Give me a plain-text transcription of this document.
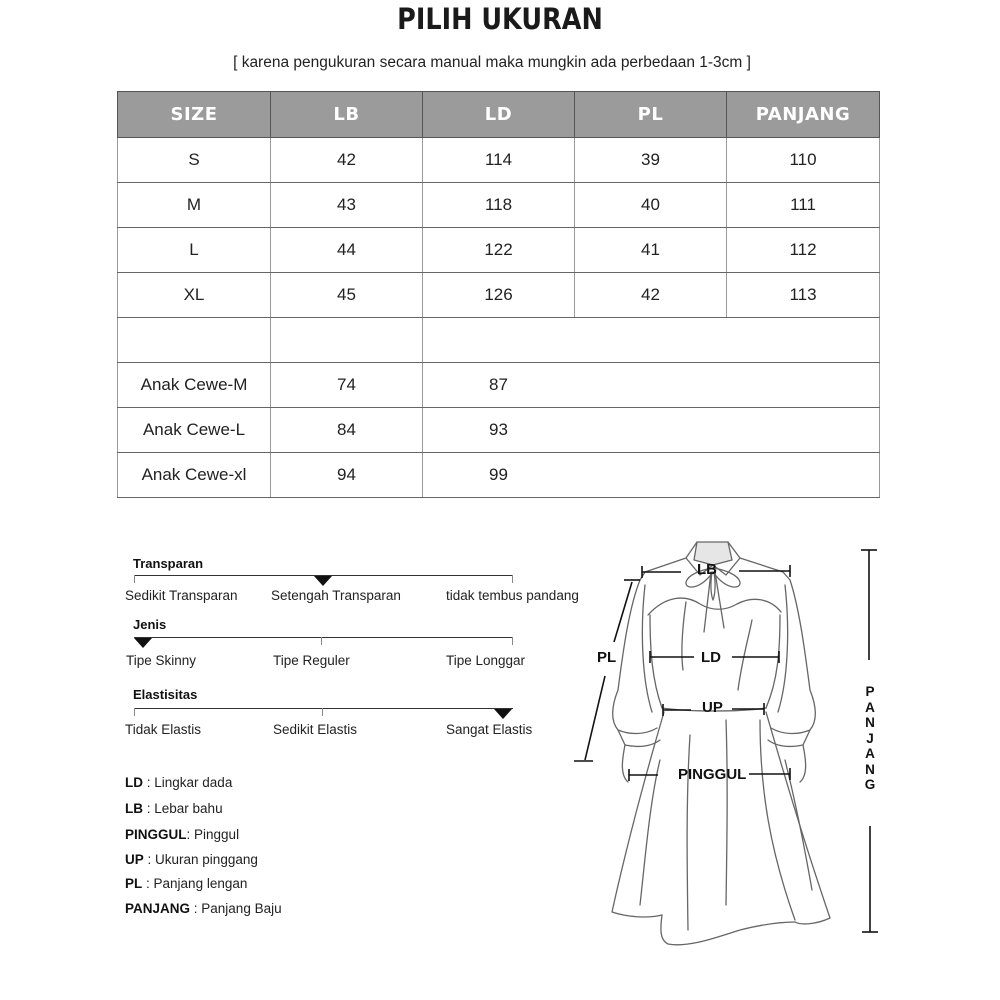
PILIH UKURAN
[ karena pengukuran secara manual maka mungkin ada perbedaan 1-3cm ]
SIZE	LB	LD	PL	PANJANG
S	42	114	39	110
M	43	118	40	111
L	44	122	41	112
XL	45	126	42	113

Anak Cewe-M	74	87		
Anak Cewe-L	84	93		
Anak Cewe-xl	94	99		
Transparan
Sedikit Transparan Setengah Transparan	tidak tembus pandang
Jenis
Tipe Skinny	Tipe Reguler	Tipe Longgar
Elastisitas
Tidak Elastis	Sedikit Elastis	Sangat Elastis
LD : Lingkar dada
LB : Lebar bahu
PINGGUL: Pinggul
UP : Ukuran pinggang
PL : Panjang lengan
PANJANG : Panjang Baju
LB
PL	LD
UP
PINGGUL
P
A
N
J
A
N
G
